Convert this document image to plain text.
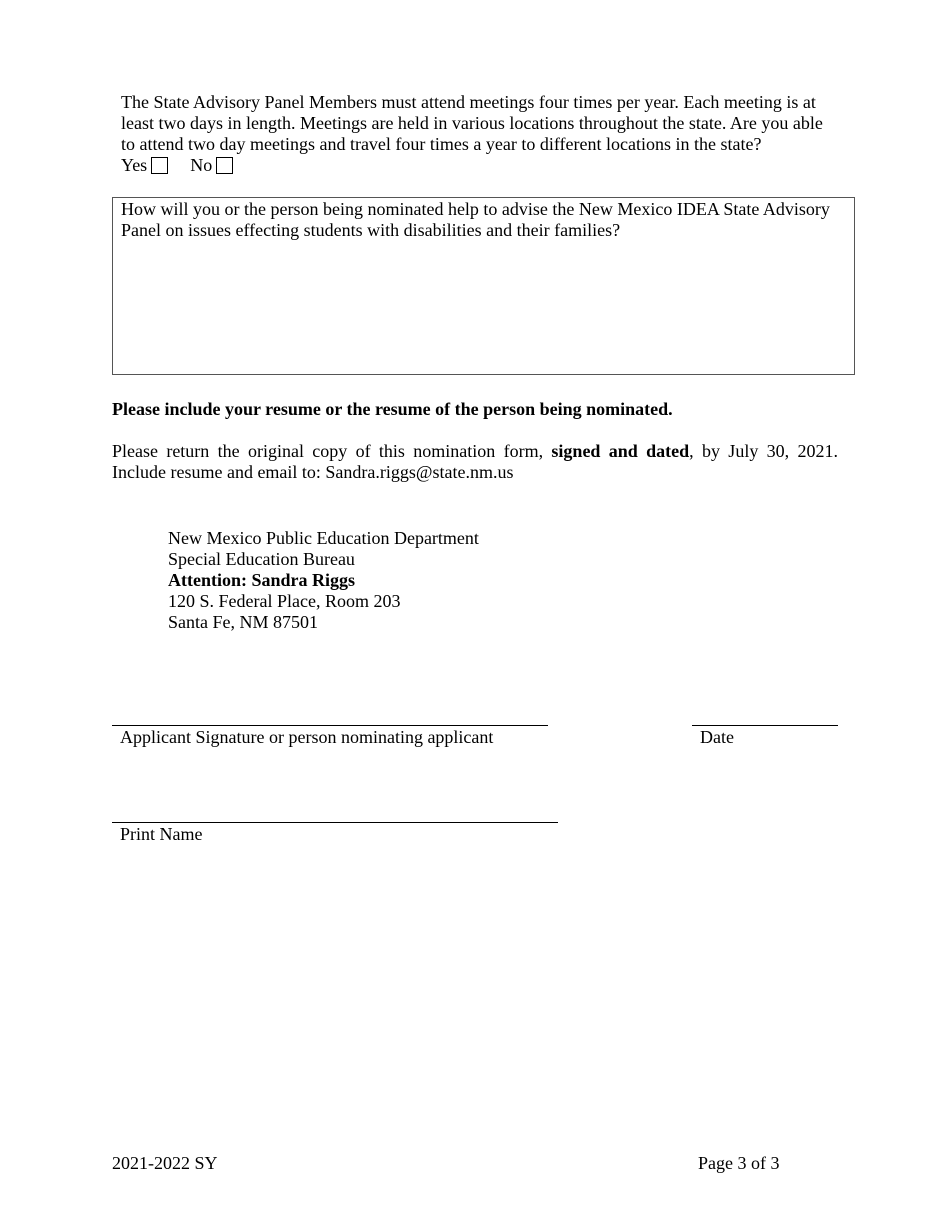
The State Advisory Panel Members must attend meetings four times per year. Each meeting is at least two days in length. Meetings are held in various locations throughout the state. Are you able to attend two day meetings and travel four times a year to different locations in the state?
Yes No
How will you or the person being nominated help to advise the New Mexico IDEA State Advisory Panel on issues effecting students with disabilities and their families?
Please include your resume or the resume of the person being nominated.
Please return the original copy of this nomination form, signed and dated, by July 30, 2021. Include resume and email to: Sandra.riggs@state.nm.us
New Mexico Public Education Department
Special Education Bureau
Attention: Sandra Riggs
120 S. Federal Place, Room 203
Santa Fe, NM 87501
Applicant Signature or person nominating applicant	Date
Print Name
2021-2022 SY	Page 3 of 3
